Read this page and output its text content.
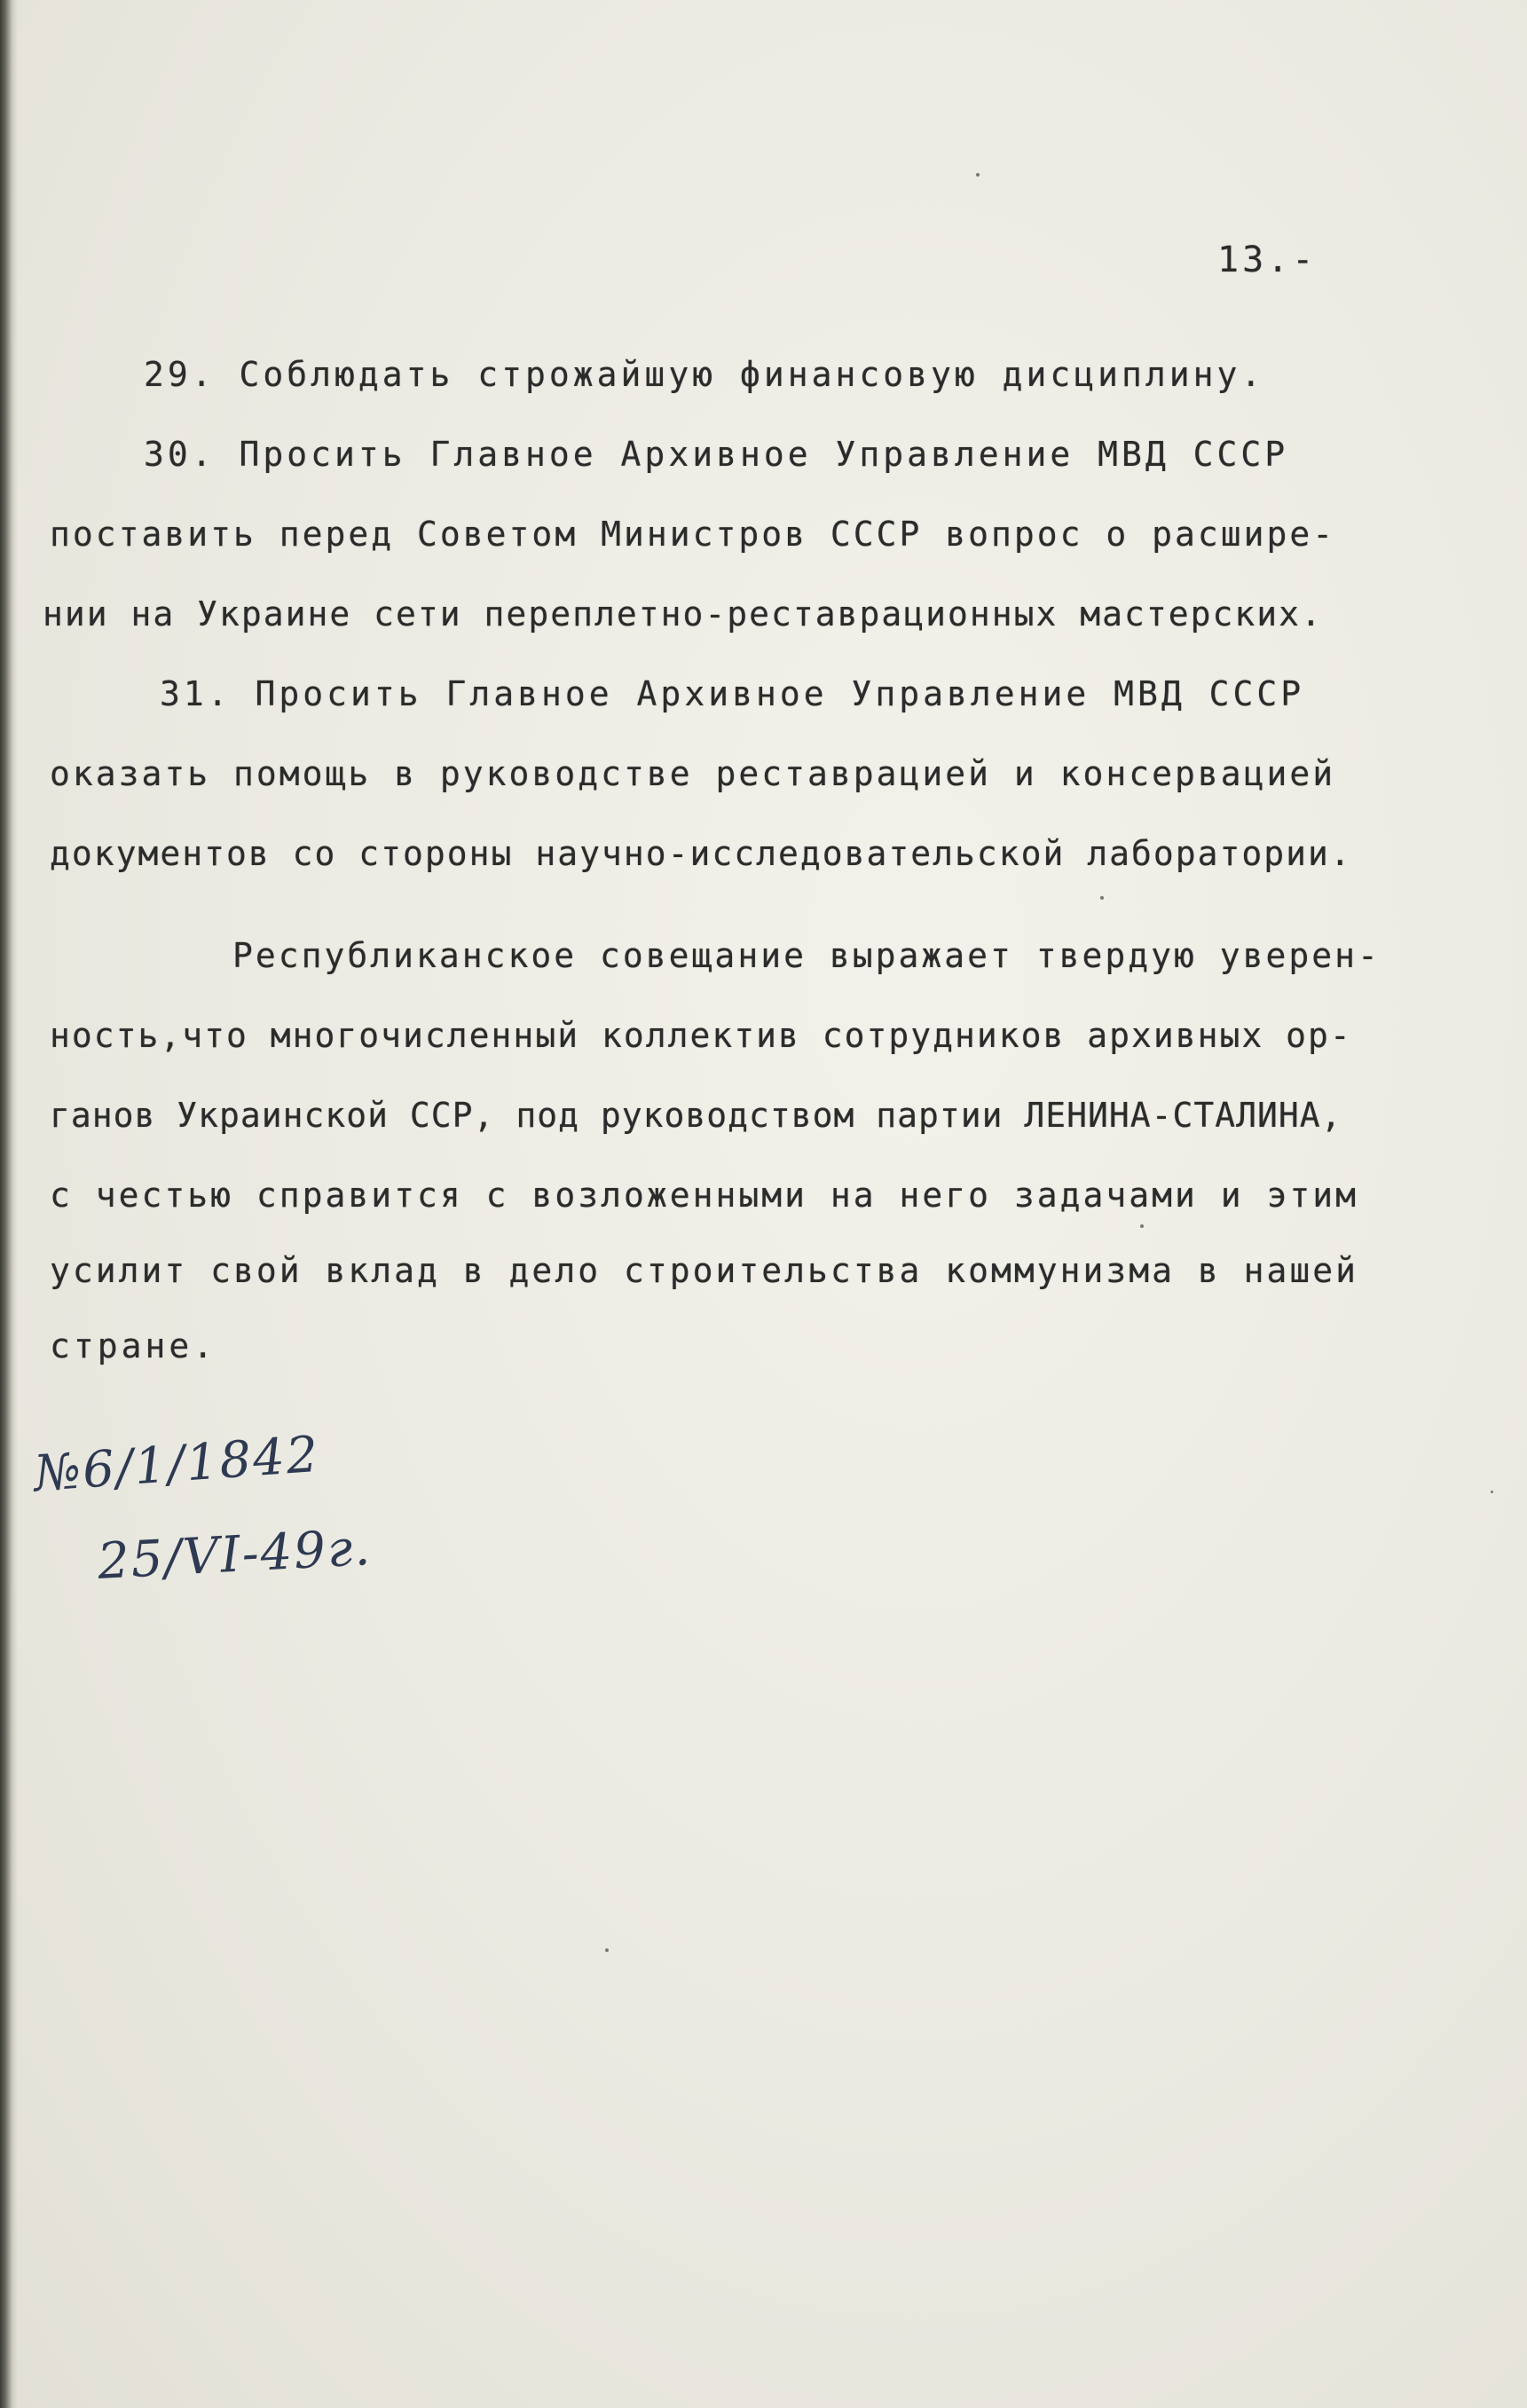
13.-
29. Соблюдать строжайшую финансовую дисциплину.
30. Просить Главное Архивное Управление МВД СССР
поставить перед Советом Министров СССР вопрос о расшире-
нии на Украине сети переплетно-реставрационных мастерских.
31. Просить Главное Архивное Управление МВД СССР
оказать помощь в руководстве реставрацией и консервацией
документов со стороны научно-исследовательской лаборатории.
Республиканское совещание выражает твердую уверен-
ность,что многочисленный коллектив сотрудников архивных ор-
ганов Украинской ССР, под руководством партии ЛЕНИНА-СТАЛИНА,
с честью справится с возложенными на него задачами и этим
усилит свой вклад в дело строительства коммунизма в нашей
стране.
№6/1/1842
25/VI-49г.
